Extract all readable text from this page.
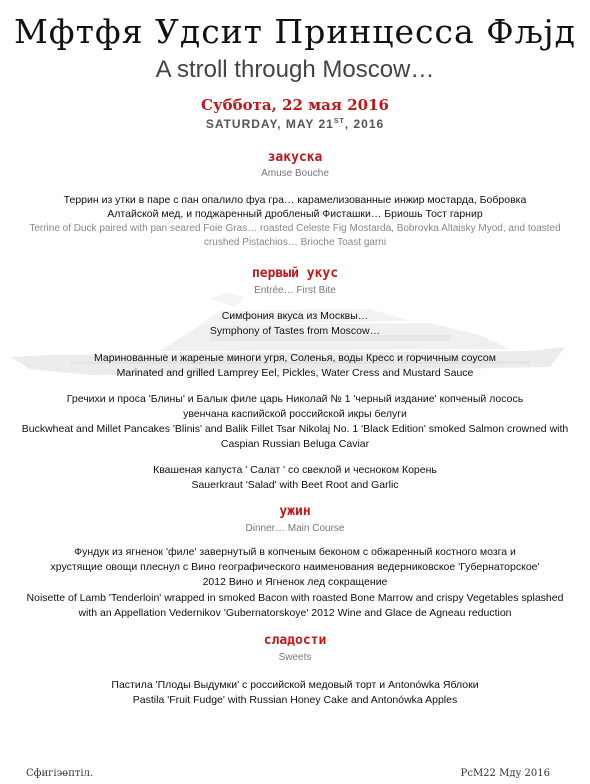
Мфтфя Удсит Принцесса Фљјд
A stroll through Moscow…
Суббота, 22 мая 2016
SATURDAY, MAY 21ST, 2016
закуска
Amuse Bouche
Террин из утки в паре с пан опалило фуа гра… карамелизованные инжир мостарда, Бобровка
Алтайской мед, и поджаренный дробленый Фисташки… Бриошь Тост гарнир
Terrine of Duck paired with pan seared Foie Gras… roasted Celeste Fig Mostarda, Bobrovka Altaisky Myod, and toasted
crushed Pistachios… Brioche Toast garni
первый укус
Entrée… First Bite
Симфония вкуса из Москвы…
Symphony of Tastes from Moscow…
Маринованные и жареные миноги угря, Соленья, воды Кресс и горчичным соусом
Marinated and grilled Lamprey Eel, Pickles, Water Cress and Mustard Sauce
Гречихи и проса 'Блины' и Балык филе царь Николай № 1 'черный издание' копченый лосось
увенчана каспийской российской икры белуги
Buckwheat and Millet Pancakes 'Blinis' and Balik Fillet Tsar Nikolaj No. 1 'Black Edition' smoked Salmon crowned with
Caspian Russian Beluga Caviar
Квашеная капуста ' Салат ' со свеклой и чесноком Корень
Sauerkraut 'Salad' with Beet Root and Garlic
ужин
Dinner… Main Course
Фундук из ягненок 'филе' завернутый в копченым беконом с обжаренный костного мозга и
хрустящие овощи плеснул с Вино географического наименования ведерниковское 'Губернаторское'
2012 Вино и Ягненок лед сокращение
Noisette of Lamb 'Tenderloin' wrapped in smoked Bacon with roasted Bone Marrow and crispy Vegetables splashed
with an Appellation Vedernikov 'Gubernatorskoye' 2012 Wine and Glace de Agneau reduction
сладости
Sweets
Пастила 'Плоды Выдумки' с российской медовый торт и Antonówka Яблоки
Pastila 'Fruit Fudge' with Russian Honey Cake and Antonówka Apples
Сфигiэөптіл.	РсМ22 Мду 2016
